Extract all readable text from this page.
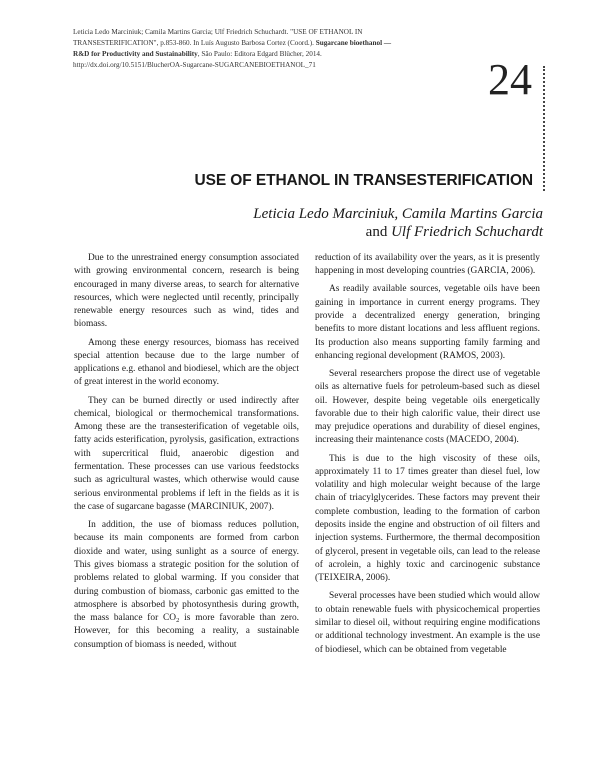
Leticia Ledo Marciniuk; Camila Martins Garcia; Ulf Friedrich Schuchardt. "USE OF ETHANOL IN

TRANSESTERIFICATION", p.853-860. In Luís Augusto Barbosa Cortez (Coord.). Sugarcane bioethanol —

R&D for Productivity and Sustainability, São Paulo: Editora Edgard Blücher, 2014.

http://dx.doi.org/10.5151/BlucherOA-Sugarcane-SUGARCANEBIOETHANOL_71	24
USE OF ETHANOL IN TRANSESTERIFICATION

Leticia Ledo Marciniuk, Camila Martins Garcia

and Ulf Friedrich Schuchardt

Due to the unrestrained energy consumption associated with growing environmental concern, research is being encouraged in many diverse areas, to search for alternative resources, which were neglected until recently, principally renewable energy resources such as wind, tides and biomass.

Among these energy resources, biomass has received special attention because due to the large number of applications e.g. ethanol and biodiesel, which are the object of great interest in the world economy.

They can be burned directly or used indirectly after chemical, biological or thermochemical transformations. Among these are the transesterification of vegetable oils, fatty acids esterification, pyrolysis, gasification, extractions with supercritical fluid, anaerobic digestion and fermentation. These processes can use various feedstocks such as agricultural wastes, which otherwise would cause serious environmental problems if left in the fields as it is the case of sugarcane bagasse (MARCINIUK, 2007).

In addition, the use of biomass reduces pollution, because its main components are formed from carbon dioxide and water, using sunlight as a source of energy. This gives biomass a strategic position for the solution of problems related to global warming. If you consider that during combustion of biomass, carbonic gas emitted to the atmosphere is absorbed by photosynthesis during growth, the mass balance for $CO_2$ is more favorable than zero. However, for this becoming a reality, a sustainable consumption of biomass is needed, without

reduction of its availability over the years, as it is presently happening in most developing countries (GARCIA, 2006).

As readily available sources, vegetable oils have been gaining in importance in current energy programs. They provide a decentralized energy generation, bringing benefits to more distant locations and less affluent regions. Its production also means supporting family farming and enhancing regional development (RAMOS, 2003).

Several researchers propose the direct use of vegetable oils as alternative fuels for petroleum-based such as diesel oil. However, despite being vegetable oils energetically favorable due to their high calorific value, their direct use may prejudice operations and durability of diesel engines, increasing their maintenance costs (MACEDO, 2004).

This is due to the high viscosity of these oils, approximately 11 to 17 times greater than diesel fuel, low volatility and high molecular weight because of the large chain of triacylglycerides. These factors may prevent their complete combustion, leading to the formation of carbon deposits inside the engine and obstruction of oil filters and injection systems. Furthermore, the thermal decomposition of glycerol, present in vegetable oils, can lead to the release of acrolein, a highly toxic and carcinogenic substance (TEIXEIRA, 2006).

Several processes have been studied which would allow to obtain renewable fuels with physicochemical properties similar to diesel oil, without requiring engine modifications or additional technology investment. An example is the use of biodiesel, which can be obtained from vegetable
